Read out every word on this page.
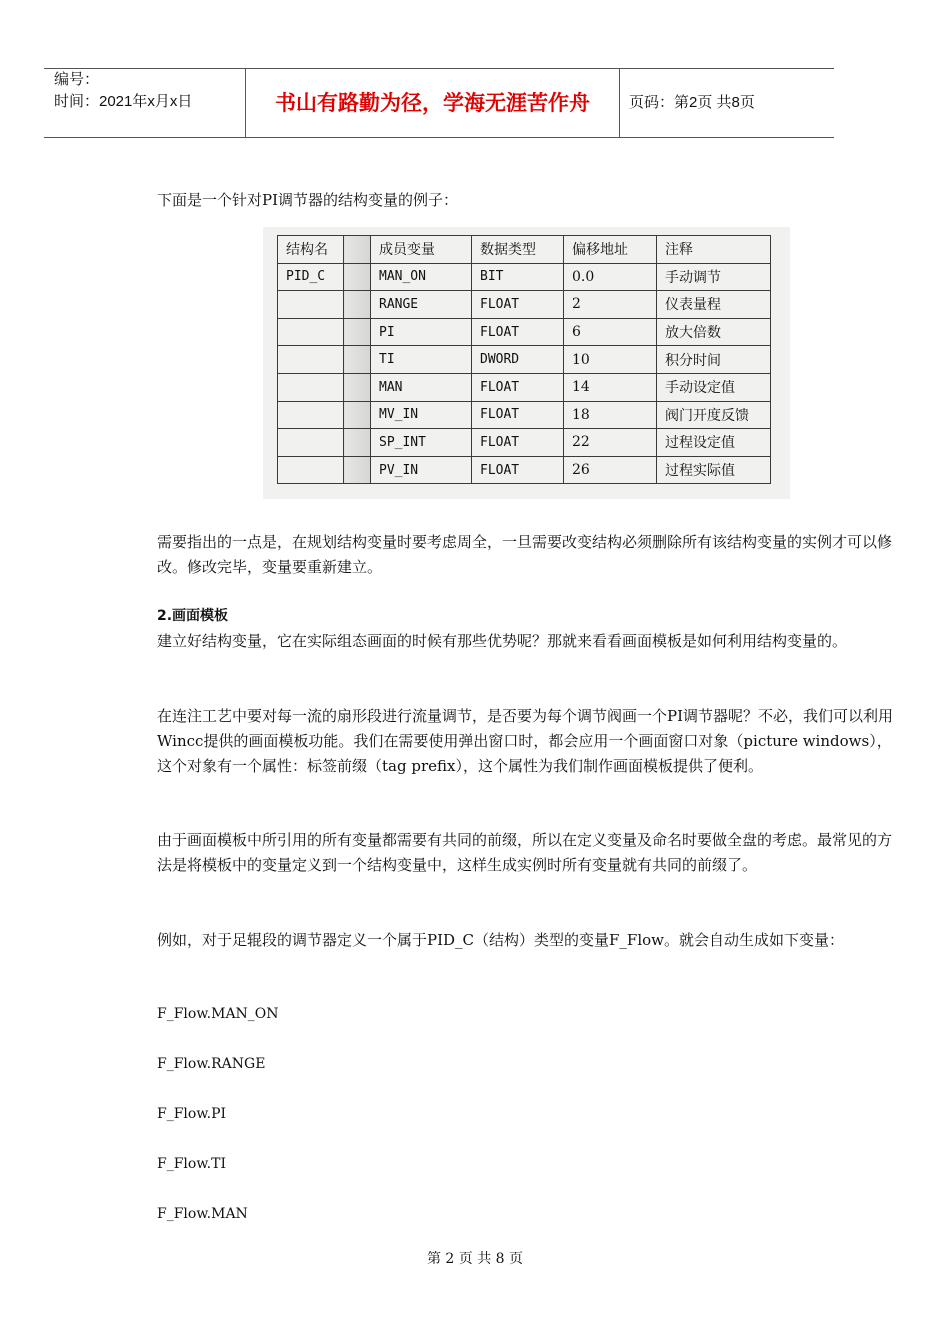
编号：
时间：2021年x月x日	书山有路勤为径，学海无涯苦作舟	页码：第2页 共8页
下面是一个针对PI调节器的结构变量的例子：
结构名		成员变量	数据类型	偏移地址	注释
PID_C		MAN_ON	BIT	0.0	手动调节
		RANGE	FLOAT	2	仪表量程
		PI	FLOAT	6	放大倍数
		TI	DWORD	10	积分时间
		MAN	FLOAT	14	手动设定值
		MV_IN	FLOAT	18	阀门开度反馈
		SP_INT	FLOAT	22	过程设定值
		PV_IN	FLOAT	26	过程实际值
需要指出的一点是，在规划结构变量时要考虑周全，一旦需要改变结构必须删除所有该结构变量的实例才可以修改。修改完毕，变量要重新建立。
2.画面模板
建立好结构变量，它在实际组态画面的时候有那些优势呢？那就来看看画面模板是如何利用结构变量的。
在连注工艺中要对每一流的扇形段进行流量调节，是否要为每个调节阀画一个PI调节器呢？不必，我们可以利用Wincc提供的画面模板功能。我们在需要使用弹出窗口时，都会应用一个画面窗口对象（picture windows），这个对象有一个属性：标签前缀（tag prefix），这个属性为我们制作画面模板提供了便利。
由于画面模板中所引用的所有变量都需要有共同的前缀，所以在定义变量及命名时要做全盘的考虑。最常见的方法是将模板中的变量定义到一个结构变量中，这样生成实例时所有变量就有共同的前缀了。
例如，对于足辊段的调节器定义一个属于PID_C（结构）类型的变量F_Flow。就会自动生成如下变量：
F_Flow.MAN_ON
F_Flow.RANGE
F_Flow.PI
F_Flow.TI
F_Flow.MAN
第 2 页 共 8 页
